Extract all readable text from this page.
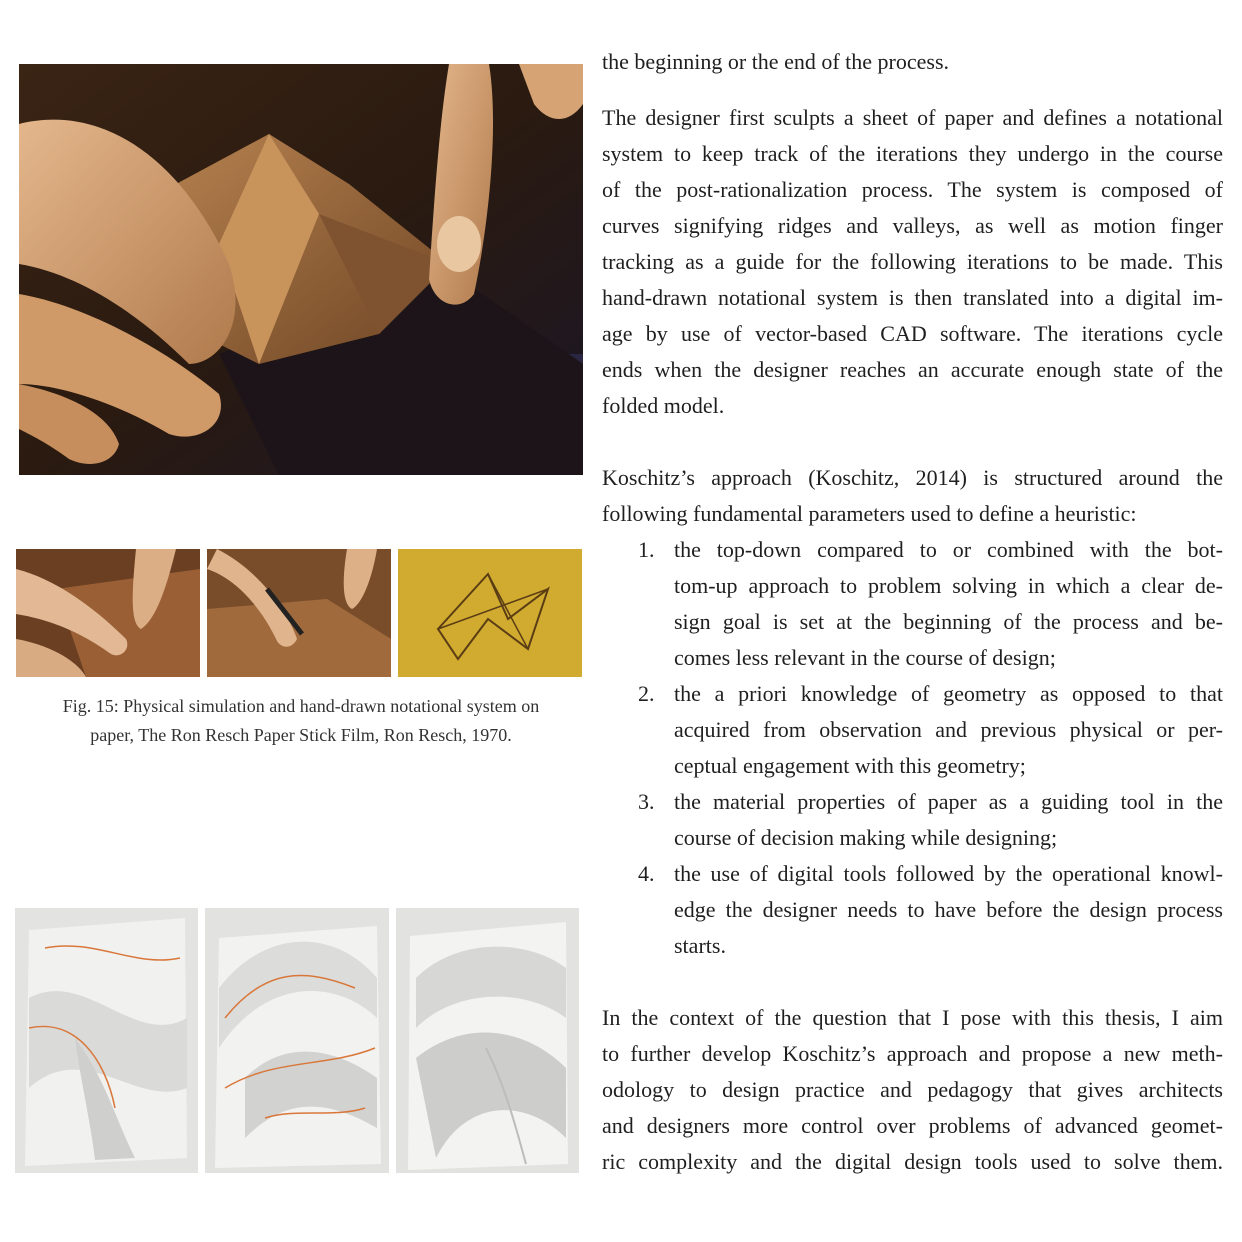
Fig. 15: Physical simulation and hand-drawn notational system on
paper, The Ron Resch Paper Stick Film, Ron Resch, 1970.
the beginning or the end of the process.
The designer first sculpts a sheet of paper and defines a notational
system to keep track of the iterations they undergo in the course
of the post-rationalization process. The system is composed of
curves signifying ridges and valleys, as well as motion finger
tracking as a guide for the following iterations to be made. This
hand-drawn notational system is then translated into a digital im-
age by use of vector-based CAD software. The iterations cycle
ends when the designer reaches an accurate enough state of the
folded model.
Koschitz’s approach (Koschitz, 2014) is structured around the
following fundamental parameters used to define a heuristic:
1. the top-down compared to or combined with the bot-
tom-up approach to problem solving in which a clear de-
sign goal is set at the beginning of the process and be-
comes less relevant in the course of design;
2. the a priori knowledge of geometry as opposed to that
acquired from observation and previous physical or per-
ceptual engagement with this geometry;
3. the material properties of paper as a guiding tool in the
course of decision making while designing;
4. the use of digital tools followed by the operational knowl-
edge the designer needs to have before the design process
starts.
In the context of the question that I pose with this thesis, I aim
to further develop Koschitz’s approach and propose a new meth-
odology to design practice and pedagogy that gives architects
and designers more control over problems of advanced geomet-
ric complexity and the digital design tools used to solve them.
